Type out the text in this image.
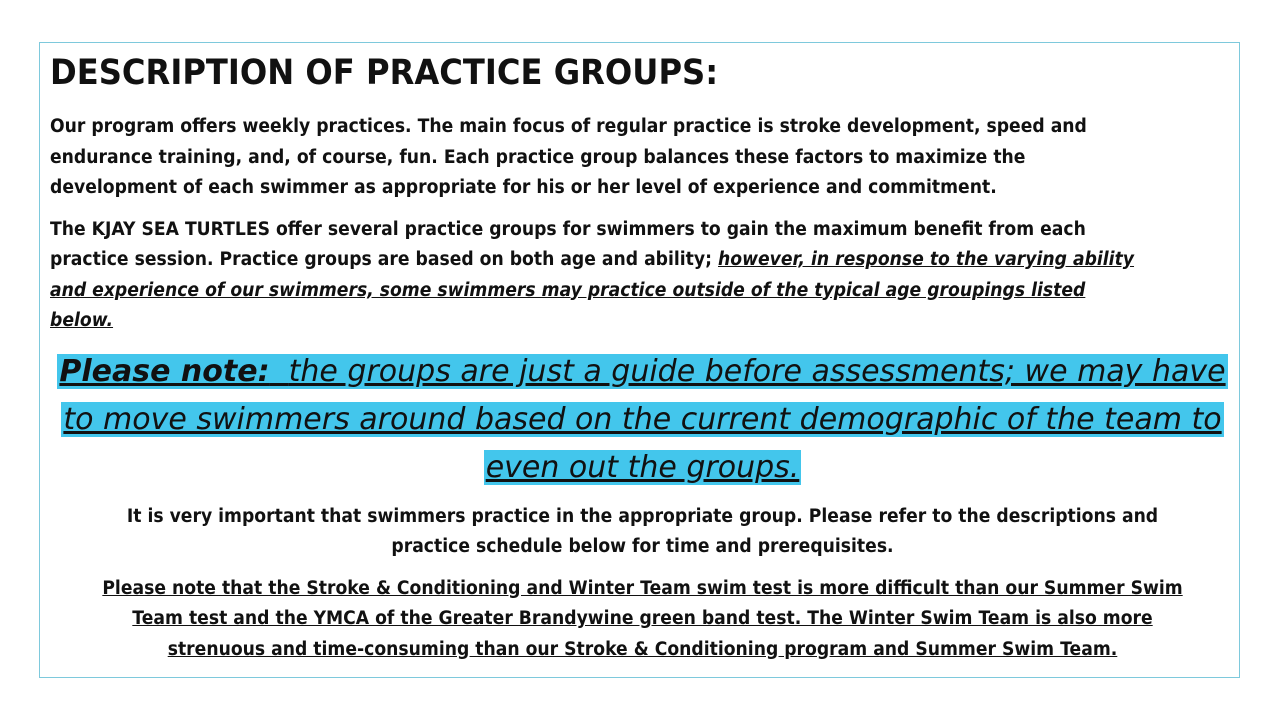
DESCRIPTION OF PRACTICE GROUPS:

Our program offers weekly practices. The main focus of regular practice is stroke development, speed and endurance training, and, of course, fun. Each practice group balances these factors to maximize the development of each swimmer as appropriate for his or her level of experience and commitment.

The KJAY SEA TURTLES offer several practice groups for swimmers to gain the maximum benefit from each practice session. Practice groups are based on both age and ability; however, in response to the varying ability and experience of our swimmers, some swimmers may practice outside of the typical age groupings listed below.

Please note: the groups are just a guide before assessments; we may have to move swimmers around based on the current demographic of the team to even out the groups.

It is very important that swimmers practice in the appropriate group. Please refer to the descriptions and practice schedule below for time and prerequisites.

Please note that the Stroke & Conditioning and Winter Team swim test is more difficult than our Summer Swim Team test and the YMCA of the Greater Brandywine green band test. The Winter Swim Team is also more strenuous and time-consuming than our Stroke & Conditioning program and Summer Swim Team.
